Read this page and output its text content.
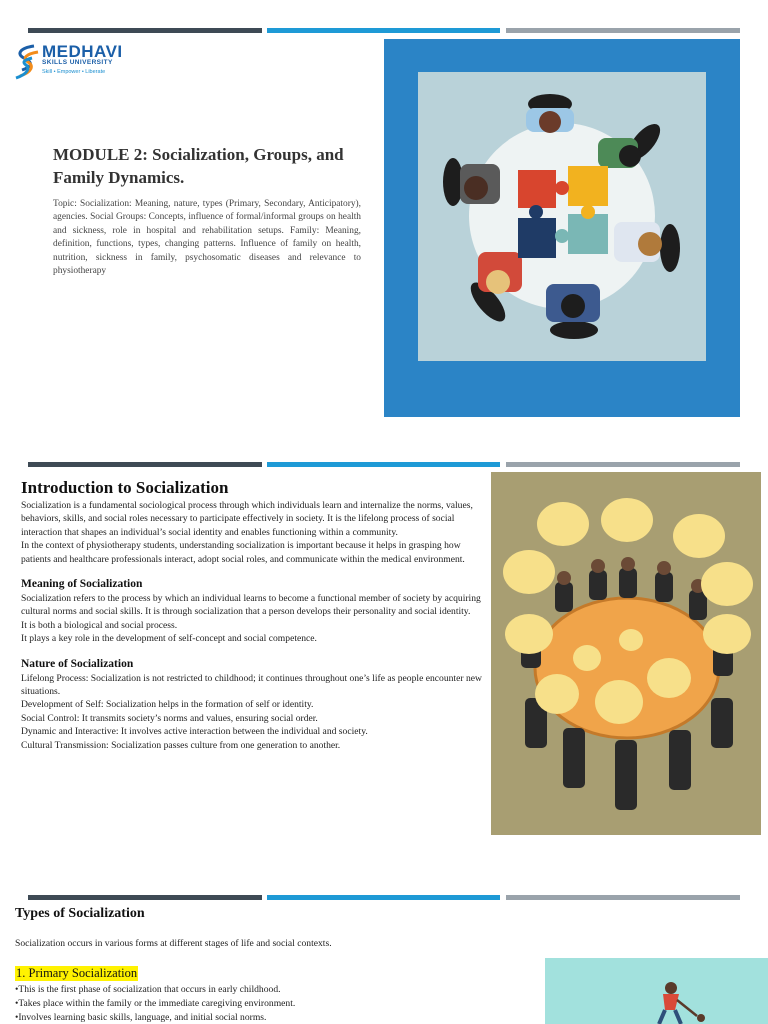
MEDHAVI
SKILLS UNIVERSITY
Skill • Empower • Liberate
MODULE 2: Socialization, Groups, and Family Dynamics.

Topic: Socialization: Meaning, nature, types (Primary, Secondary, Anticipatory), agencies. Social Groups: Concepts, influence of formal/informal groups on health and sickness, role in hospital and rehabilitation setups. Family: Meaning, definition, functions, types, changing patterns. Influence of family on health, nutrition, sickness in family, psychosomatic diseases and relevance to physiotherapy

Introduction to Socialization

Socialization is a fundamental sociological process through which individuals learn and internalize the norms, values, behaviors, skills, and social roles necessary to participate effectively in society. It is the lifelong process of social interaction that shapes an individual’s social identity and enables functioning within a community.

In the context of physiotherapy students, understanding socialization is important because it helps in grasping how patients and healthcare professionals interact, adopt social roles, and communicate within the medical environment.

Meaning of Socialization

Socialization refers to the process by which an individual learns to become a functional member of society by acquiring cultural norms and social skills. It is through socialization that a person develops their personality and social identity.

It is both a biological and social process.

It plays a key role in the development of self-concept and social competence.

Nature of Socialization

Lifelong Process: Socialization is not restricted to childhood; it continues throughout one’s life as people encounter new situations.

Development of Self: Socialization helps in the formation of self or identity.

Social Control: It transmits society’s norms and values, ensuring social order.

Dynamic and Interactive: It involves active interaction between the individual and society.

Cultural Transmission: Socialization passes culture from one generation to another.

Types of Socialization

Socialization occurs in various forms at different stages of life and social contexts.

1. Primary Socialization

•This is the first phase of socialization that occurs in early childhood.
•Takes place within the family or the immediate caregiving environment.
•Involves learning basic skills, language, and initial social norms.
